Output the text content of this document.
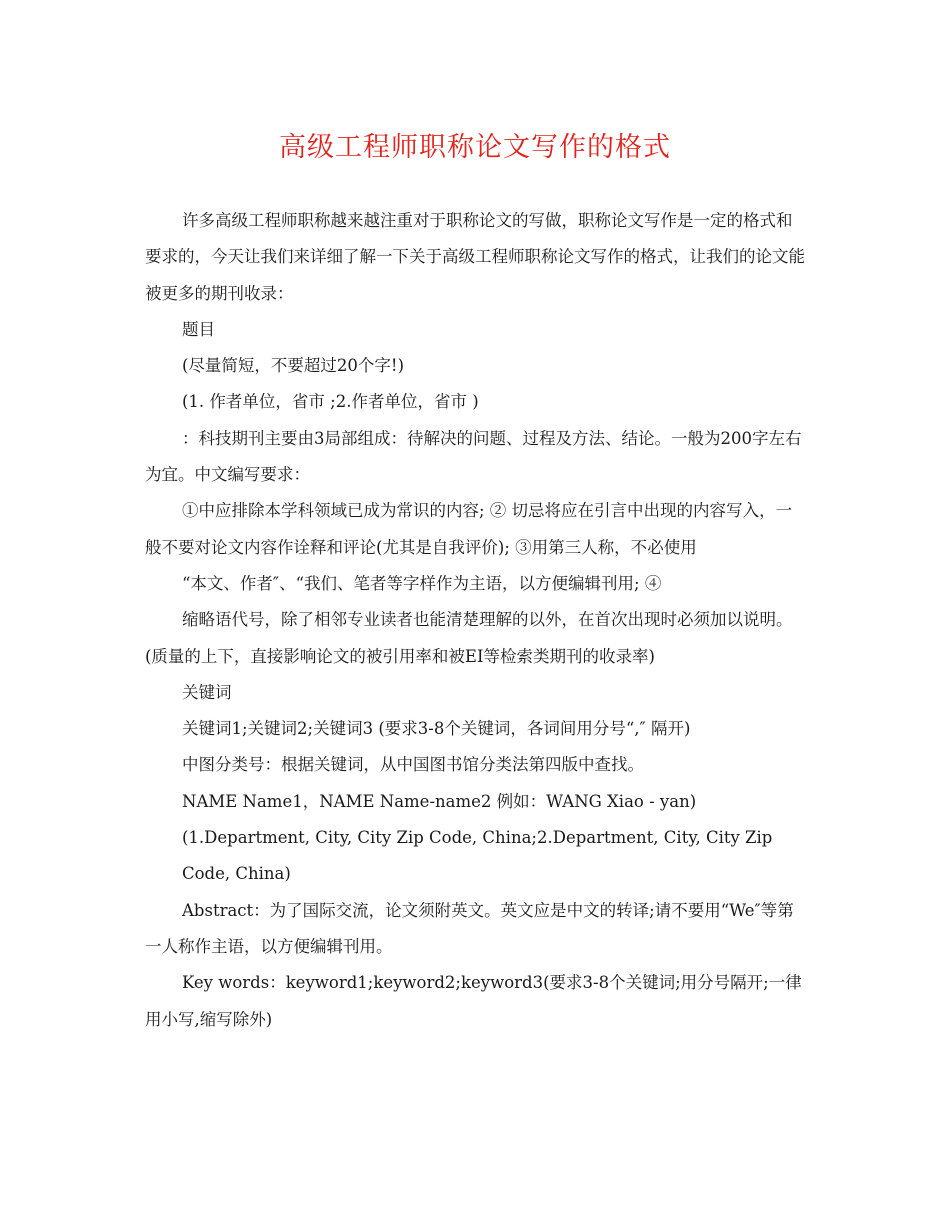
高级工程师职称论文写作的格式

许多高级工程师职称越来越注重对于职称论文的写做，职称论文写作是一定的格式和要求的，今天让我们来详细了解一下关于高级工程师职称论文写作的格式，让我们的论文能被更多的期刊收录：

题目

(尽量简短，不要超过20个字!)

(1. 作者单位，省市 ;2.作者单位，省市 )

：科技期刊主要由3局部组成：待解决的问题、过程及方法、结论。一般为200字左右为宜。中文编写要求：

①中应排除本学科领域已成为常识的内容; ② 切忌将应在引言中出现的内容写入，一般不要对论文内容作诠释和评论(尤其是自我评价); ③用第三人称，不必使用

“本文、作者″、“我们、笔者等字样作为主语，以方便编辑刊用; ④

缩略语代号，除了相邻专业读者也能清楚理解的以外，在首次出现时必须加以说明。(质量的上下，直接影响论文的被引用率和被EI等检索类期刊的收录率)

关键词

关键词1;关键词2;关键词3 (要求3-8个关键词，各词间用分号“,″ 隔开)

中图分类号：根据关键词，从中国图书馆分类法第四版中查找。

NAME Name1，NAME Name-name2 例如：WANG Xiao - yan)

(1.Department, City, City Zip Code, China;2.Department, City, City Zip

Code, China)

Abstract：为了国际交流，论文须附英文。英文应是中文的转译;请不要用“We″等第一人称作主语，以方便编辑刊用。

Key words：keyword1;keyword2;keyword3(要求3-8个关键词;用分号隔开;一律用小写,缩写除外)
